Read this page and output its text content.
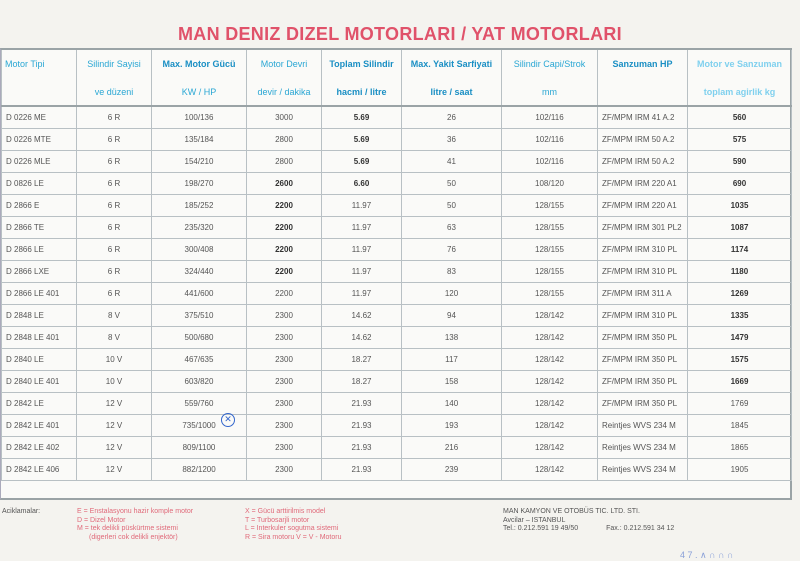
MAN DENIZ DIZEL MOTORLARI / YAT MOTORLARI
Motor Tipi	Silindir Sayisi	Max. Motor Gücü	Motor Devri	Toplam Silindir	Max. Yakit Sarfiyati	Silindir Capi/Strok	Sanzuman HP	Motor ve Sanzuman
	ve düzeni	KW / HP	devir / dakika	hacmi / litre	litre / saat	mm		toplam agirlik kg
D 0226 ME	6 R	100/136	3000	5.69	26	102/116	ZF/MPM IRM 41 A.2	560
D 0226 MTE	6 R	135/184	2800	5.69	36	102/116	ZF/MPM IRM 50 A.2	575
D 0226 MLE	6 R	154/210	2800	5.69	41	102/116	ZF/MPM IRM 50 A.2	590
D 0826 LE	6 R	198/270	2600	6.60	50	108/120	ZF/MPM IRM 220 A1	690
D 2866 E	6 R	185/252	2200	11.97	50	128/155	ZF/MPM IRM 220 A1	1035
D 2866 TE	6 R	235/320	2200	11.97	63	128/155	ZF/MPM IRM 301 PL2	1087
D 2866 LE	6 R	300/408	2200	11.97	76	128/155	ZF/MPM IRM 310 PL	1174
D 2866 LXE	6 R	324/440	2200	11.97	83	128/155	ZF/MPM IRM 310 PL	1180
D 2866 LE 401	6 R	441/600	2200	11.97	120	128/155	ZF/MPM IRM 311 A	1269
D 2848 LE	8 V	375/510	2300	14.62	94	128/142	ZF/MPM IRM 310 PL	1335
D 2848 LE 401	8 V	500/680	2300	14.62	138	128/142	ZF/MPM IRM 350 PL	1479
D 2840 LE	10 V	467/635	2300	18.27	117	128/142	ZF/MPM IRM 350 PL	1575
D 2840 LE 401	10 V	603/820	2300	18.27	158	128/142	ZF/MPM IRM 350 PL	1669
D 2842 LE	12 V	559/760	2300	21.93	140	128/142	ZF/MPM IRM 350 PL	1769
D 2842 LE 401	12 V	735/1000	2300	21.93	193	128/142	Reintjes WVS 234 M	1845
D 2842 LE 402	12 V	809/1100	2300	21.93	216	128/142	Reintjes WVS 234 M	1865
D 2842 LE 406	12 V	882/1200	2300	21.93	239	128/142	Reintjes WVS 234 M	1905
✕
Aciklamalar:	E = Enstalasyonu hazir komple motor
D = Dizel Motor
M = tek delikli püskürtme sistemi
(digerleri cok delikli enjektör)
X = Gücü arttirilmis model
T = Turbosarjli motor
L = Interkuler sogutma sistemi
R = Sira motoru V = V - Motoru
MAN KAMYON VE OTOBÜS TIC. LTD. STI.
Avcilar – ISTANBUL
Tel.: 0.212.591 19 49/50	Fax.: 0.212.591 34 12
4 7 . ∧ ∩ ∩ ∩
